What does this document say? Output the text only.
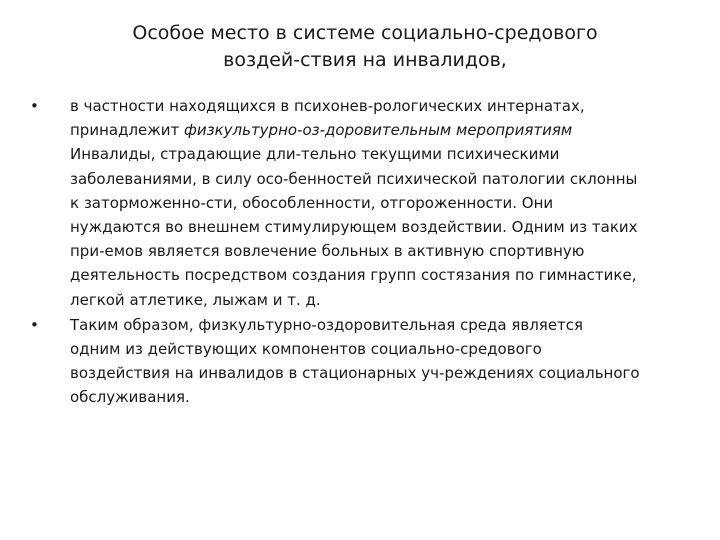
Особое место в системе социально-средового
воздей-ствия на инвалидов,
•	в частности находящихся в психонев-рологических интернатах,
принадлежит физкультурно-оз-доровительным мероприятиям
Инвалиды, страдающие дли-тельно текущими психическими
заболеваниями, в силу осо-бенностей психической патологии склонны
к заторможенно-сти, обособленности, отгороженности. Они
нуждаются во внешнем стимулирующем воздействии. Одним из таких
при-емов является вовлечение больных в активную спортивную
деятельность посредством создания групп состязания по гимнастике,
легкой атлетике, лыжам и т. д.
•	Таким образом, физкультурно-оздоровительная среда является
одним из действующих компонентов социально-средового
воздействия на инвалидов в стационарных уч-реждениях социального
обслуживания.
